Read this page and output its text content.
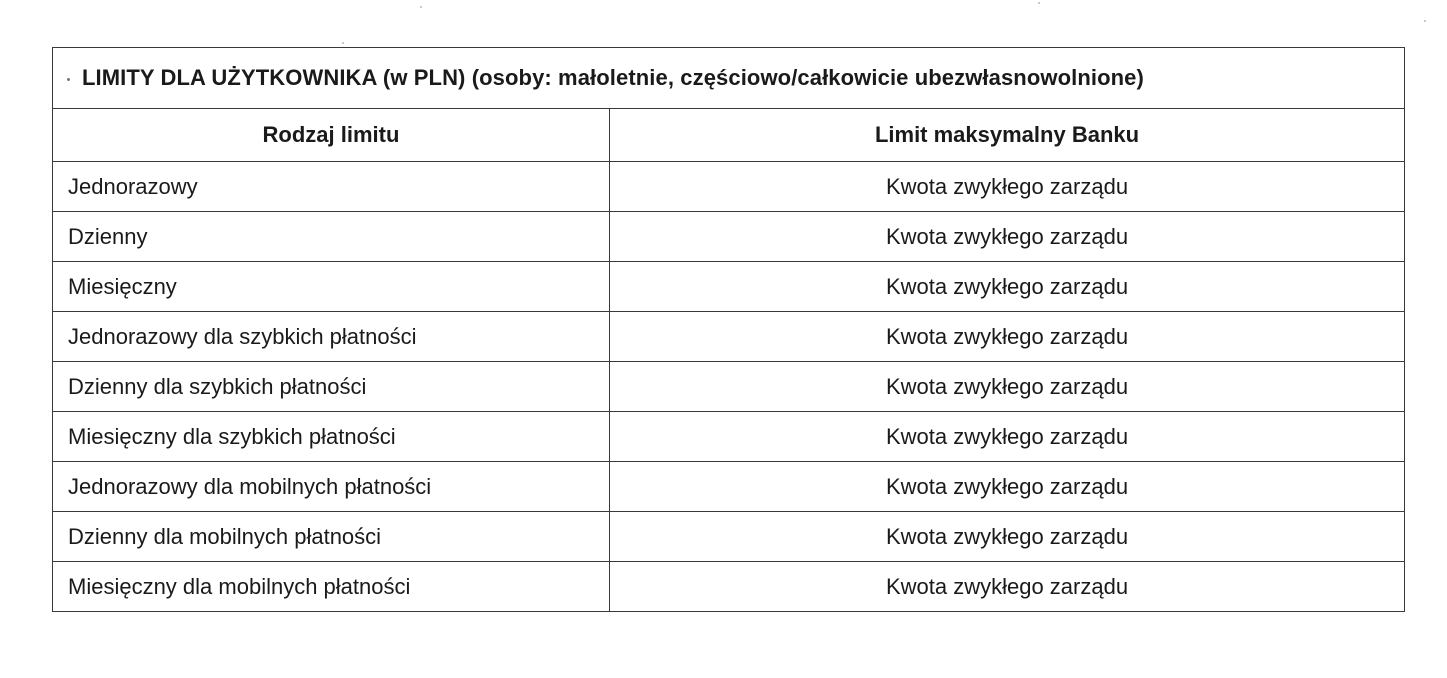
LIMITY DLA UŻYTKOWNIKA (w PLN) (osoby: małoletnie, częściowo/całkowicie ubezwłasnowolnione)	
Rodzaj limitu	Limit maksymalny Banku
Jednorazowy	Kwota zwykłego zarządu
Dzienny	Kwota zwykłego zarządu
Miesięczny	Kwota zwykłego zarządu
Jednorazowy dla szybkich płatności	Kwota zwykłego zarządu
Dzienny dla szybkich płatności	Kwota zwykłego zarządu
Miesięczny dla szybkich płatności	Kwota zwykłego zarządu
Jednorazowy dla mobilnych płatności	Kwota zwykłego zarządu
Dzienny dla mobilnych płatności	Kwota zwykłego zarządu
Miesięczny dla mobilnych płatności	Kwota zwykłego zarządu
